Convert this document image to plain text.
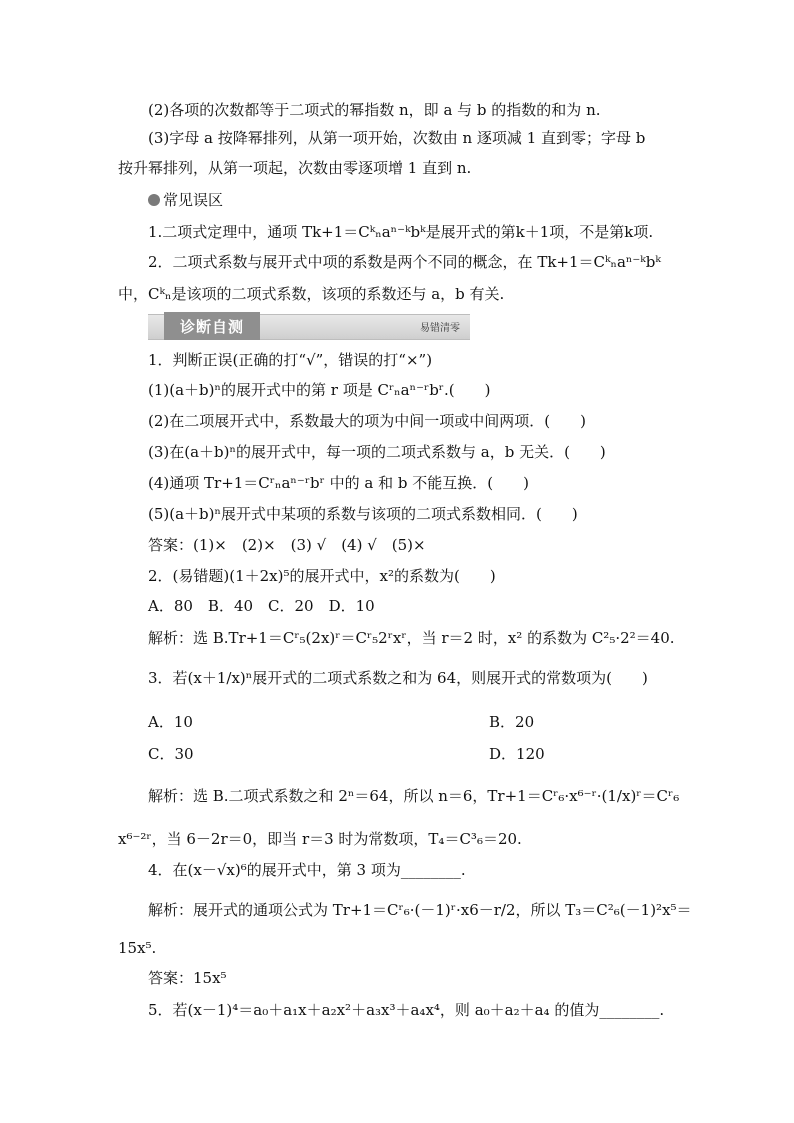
(2)各项的次数都等于二项式的幂指数 n，即 a 与 b 的指数的和为 n.
(3)字母 a 按降幂排列，从第一项开始，次数由 n 逐项减 1 直到零；字母 b
按升幂排列，从第一项起，次数由零逐项增 1 直到 n.
常见误区
1.二项式定理中，通项 Tk+1＝Cᵏₙaⁿ⁻ᵏbᵏ是展开式的第k＋1项，不是第k项.
2．二项式系数与展开式中项的系数是两个不同的概念，在 Tk+1＝Cᵏₙaⁿ⁻ᵏbᵏ
中，Cᵏₙ是该项的二项式系数，该项的系数还与 a，b 有关.
诊断自测	易错清零
1．判断正误(正确的打“√”，错误的打“×”)
(1)(a＋b)ⁿ的展开式中的第 r 项是 Cʳₙaⁿ⁻ʳbʳ.(　　)
(2)在二项展开式中，系数最大的项为中间一项或中间两项．(　　)
(3)在(a＋b)ⁿ的展开式中，每一项的二项式系数与 a，b 无关．(　　)
(4)通项 Tr+1＝Cʳₙaⁿ⁻ʳbʳ 中的 a 和 b 不能互换．(　　)
(5)(a＋b)ⁿ展开式中某项的系数与该项的二项式系数相同．(　　)
答案：(1)×　(2)×　(3) √　(4) √　(5)×
2．(易错题)(1＋2x)⁵的展开式中，x²的系数为(　　)
A．80　B．40　C．20　D．10
解析：选 B.Tr+1＝Cʳ₅(2x)ʳ＝Cʳ₅2ʳxʳ，当 r＝2 时，x² 的系数为 C²₅·2²＝40.
3．若(x＋1/x)ⁿ展开式的二项式系数之和为 64，则展开式的常数项为(　　)
A．10	B．20
C．30	D．120
解析：选 B.二项式系数之和 2ⁿ＝64，所以 n＝6，Tr+1＝Cʳ₆·x⁶⁻ʳ·(1/x)ʳ＝Cʳ₆
x⁶⁻²ʳ，当 6－2r＝0，即当 r＝3 时为常数项，T₄＝C³₆＝20.
4．在(x－√x)⁶的展开式中，第 3 项为________.
解析：展开式的通项公式为 Tr+1＝Cʳ₆·(－1)ʳ·x6－r/2，所以 T₃＝C²₆(－1)²x⁵＝
15x⁵.
答案：15x⁵
5．若(x－1)⁴＝a₀＋a₁x＋a₂x²＋a₃x³＋a₄x⁴，则 a₀＋a₂＋a₄ 的值为________.
